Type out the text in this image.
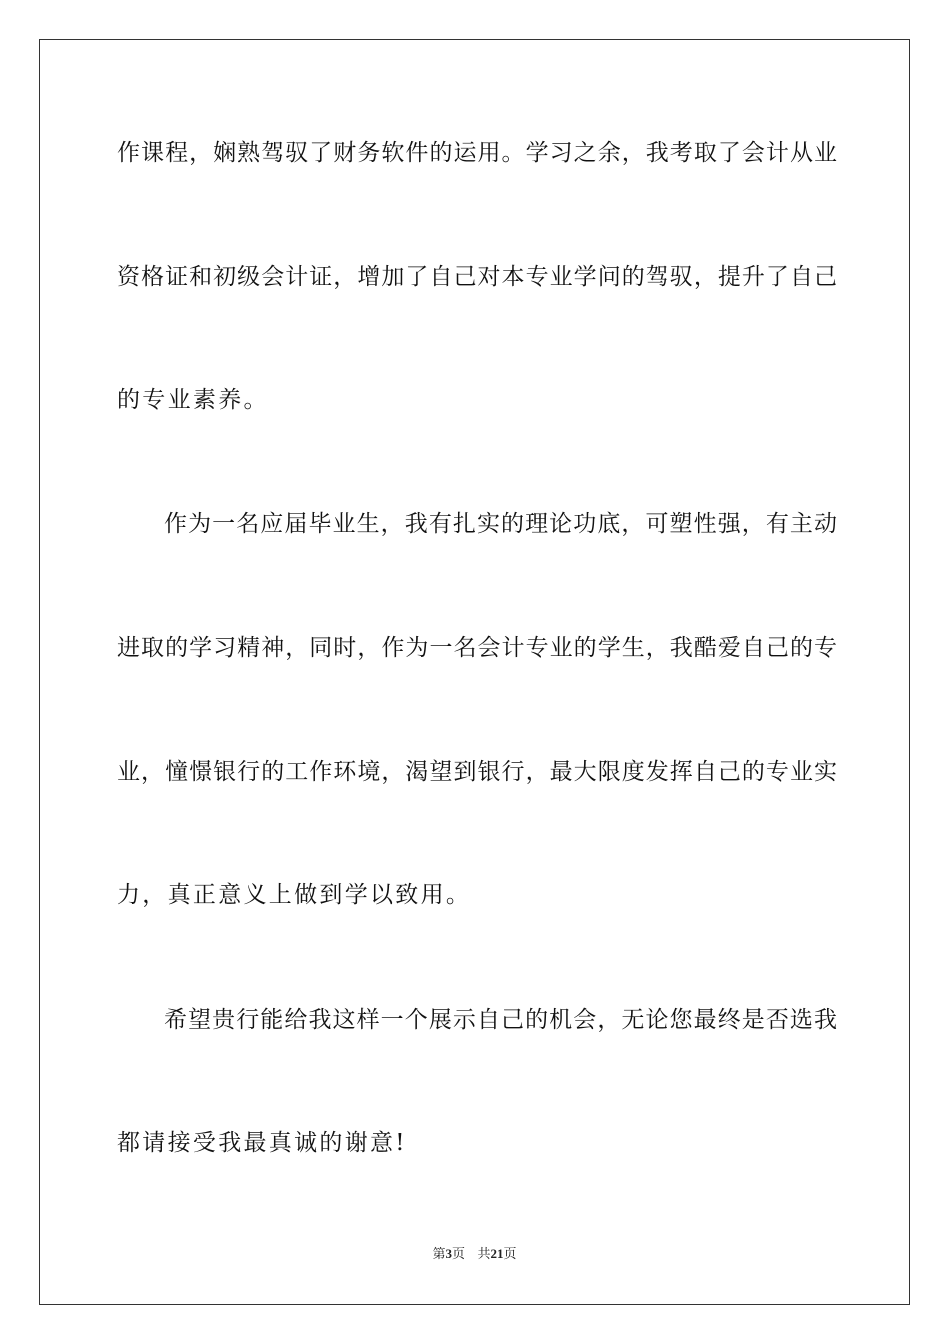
作课程，娴熟驾驭了财务软件的运用。学习之余，我考取了会计从业
资格证和初级会计证，增加了自己对本专业学问的驾驭，提升了自己
的专业素养。
作为一名应届毕业生，我有扎实的理论功底，可塑性强，有主动
进取的学习精神，同时，作为一名会计专业的学生，我酷爱自己的专
业，憧憬银行的工作环境，渴望到银行，最大限度发挥自己的专业实
力，真正意义上做到学以致用。
希望贵行能给我这样一个展示自己的机会，无论您最终是否选我
都请接受我最真诚的谢意!
第3页 共21页
